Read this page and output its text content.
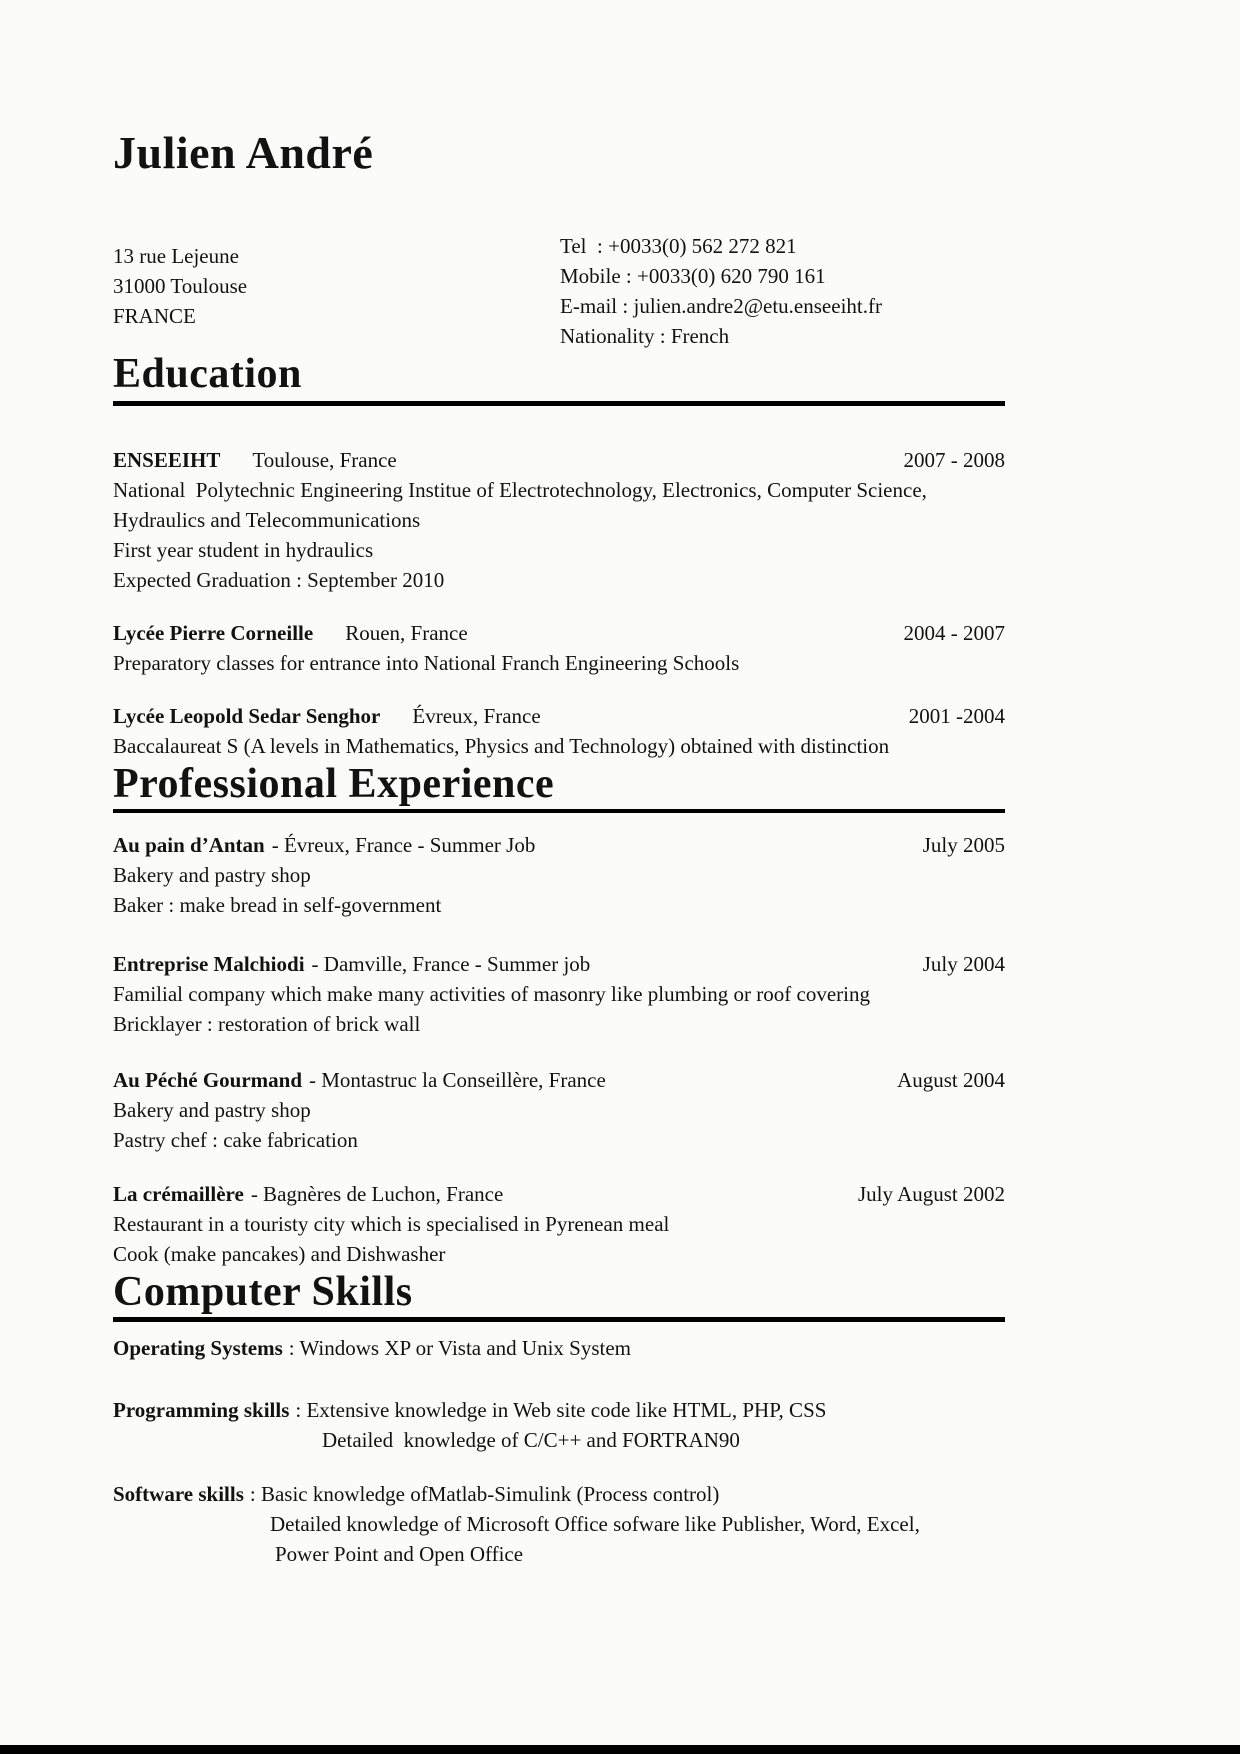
Julien André
13 rue Lejeune
31000 Toulouse
FRANCE
Tel  : +0033(0) 562 272 821
Mobile : +0033(0) 620 790 161
E-mail : julien.andre2@etu.enseeiht.fr
Nationality : French
Education
ENSEEIHT Toulouse, France	2007 - 2008
National  Polytechnic Engineering Institue of Electrotechnology, Electronics, Computer Science,
Hydraulics and Telecommunications
First year student in hydraulics
Expected Graduation : September 2010
Lycée Pierre Corneille Rouen, France	2004 - 2007
Preparatory classes for entrance into National Franch Engineering Schools
Lycée Leopold Sedar Senghor Évreux, France	2001 -2004
Baccalaureat S (A levels in Mathematics, Physics and Technology) obtained with distinction
Professional Experience
Au pain d’Antan - Évreux, France - Summer Job	July 2005
Bakery and pastry shop
Baker : make bread in self-government
Entreprise Malchiodi - Damville, France - Summer job	July 2004
Familial company which make many activities of masonry like plumbing or roof covering
Bricklayer : restoration of brick wall
Au Péché Gourmand - Montastruc la Conseillère, France	August 2004
Bakery and pastry shop
Pastry chef : cake fabrication
La crémaillère - Bagnères de Luchon, France	July August 2002
Restaurant in a touristy city which is specialised in Pyrenean meal
Cook (make pancakes) and Dishwasher
Computer Skills
Operating Systems : Windows XP or Vista and Unix System
Programming skills : Extensive knowledge in Web site code like HTML, PHP, CSS
Detailed  knowledge of C/C++ and FORTRAN90
Software skills : Basic knowledge ofMatlab-Simulink (Process control)
Detailed knowledge of Microsoft Office sofware like Publisher, Word, Excel,
Power Point and Open Office
